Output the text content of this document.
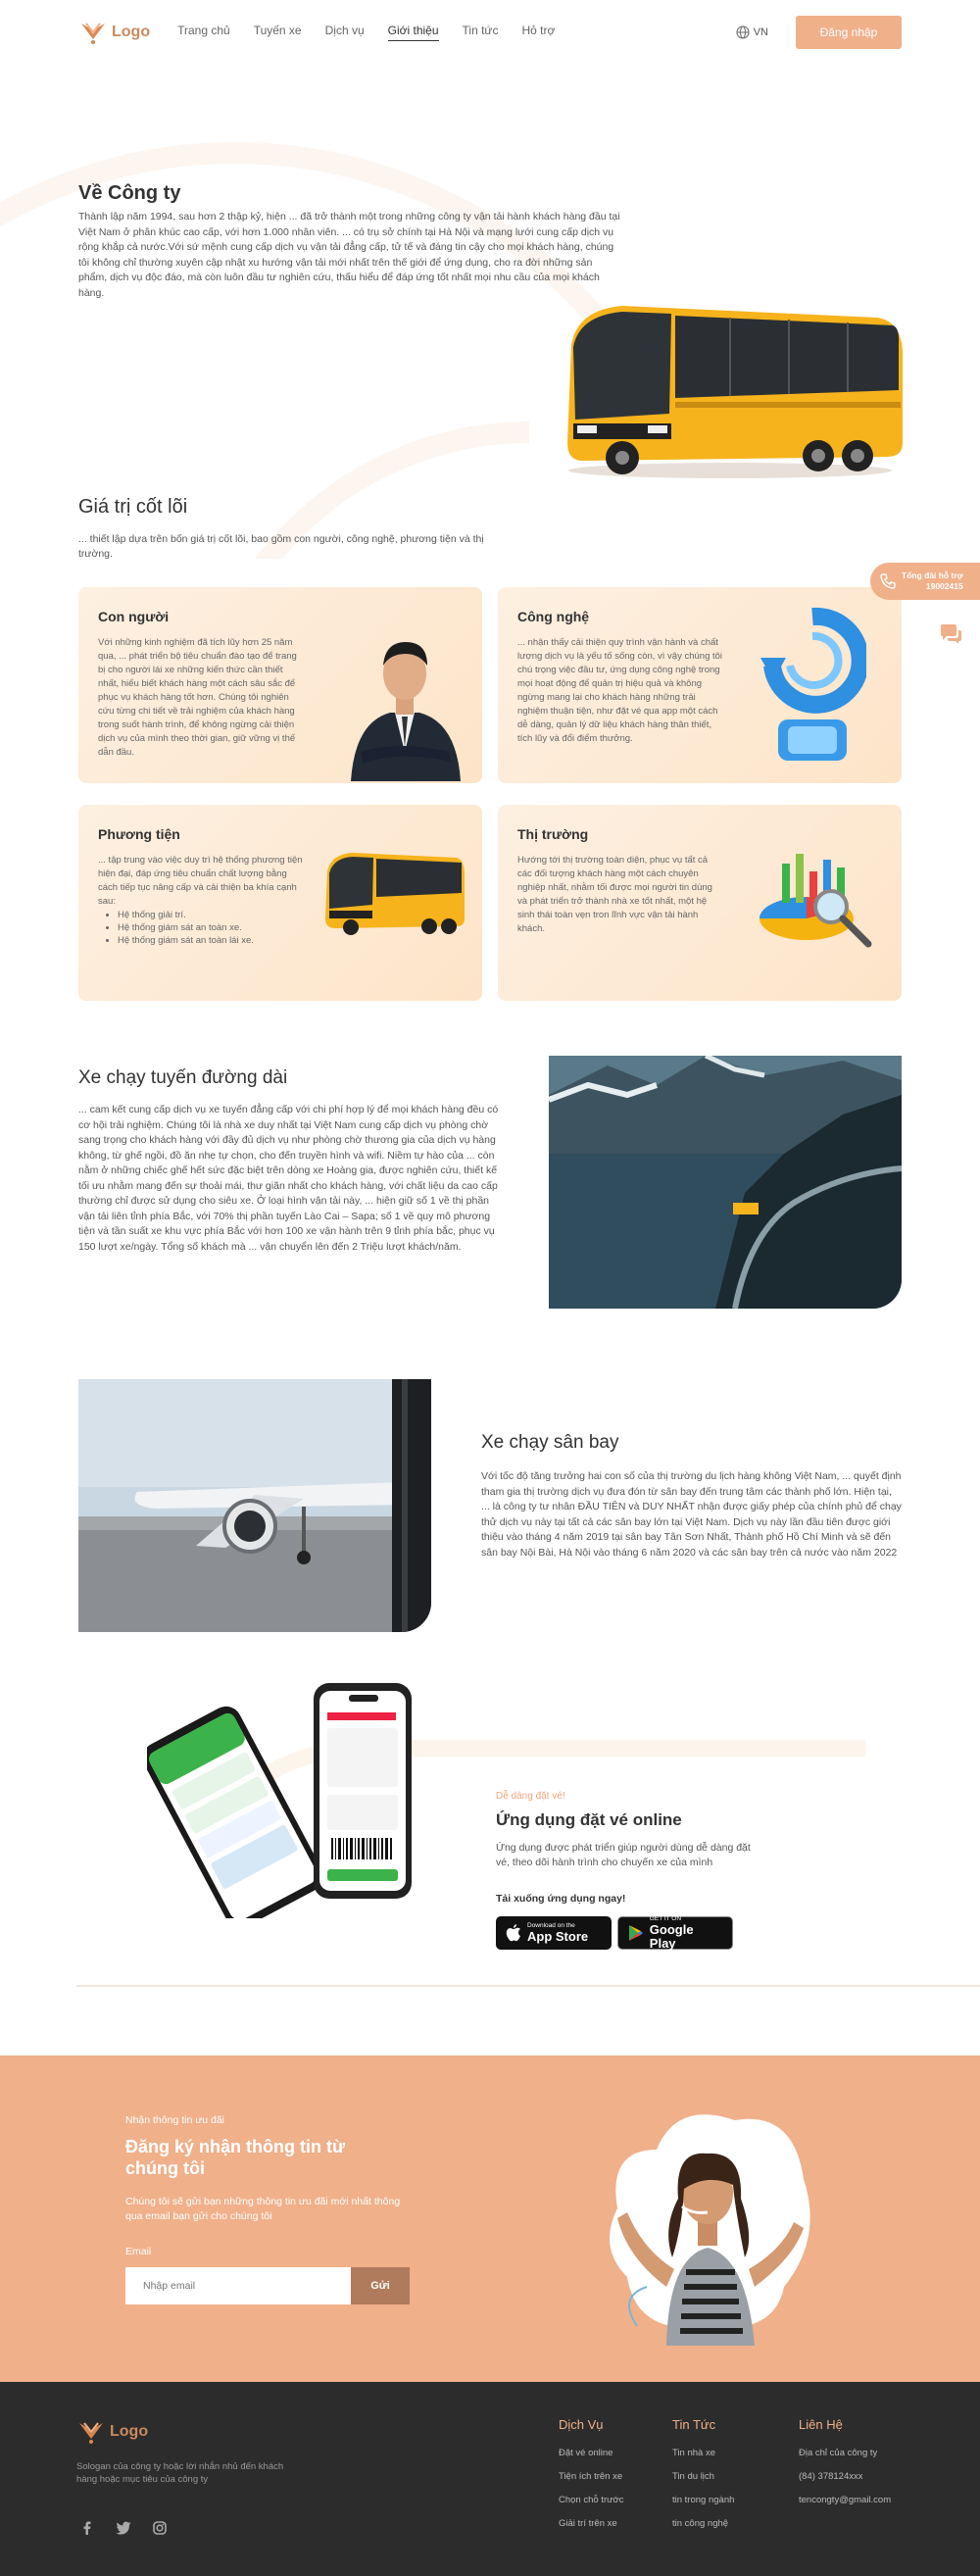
Logo Trang chủ Tuyến xe Dịch vụ Giới thiệu Tin tức Hỏ trợ	VN	Đăng nhập
Về Công ty

Thành lập năm 1994, sau hơn 2 thập kỷ, hiện ... đã trở thành một trong những công ty vận tải hành khách hàng đầu tại Việt Nam ở phân khúc cao cấp, với hơn 1.000 nhân viên. ... có trụ sở chính tại Hà Nội và mạng lưới cung cấp dịch vụ rộng khắp cả nước.Với sứ mệnh cung cấp dịch vụ vận tải đẳng cấp, tử tế và đáng tin cậy cho mọi khách hàng, chúng tôi không chỉ thường xuyên cập nhật xu hướng vận tải mới nhất trên thế giới để ứng dụng, cho ra đời những sản phẩm, dịch vụ độc đáo, mà còn luôn đầu tư nghiên cứu, thấu hiểu để đáp ứng tốt nhất mọi nhu cầu của mọi khách hàng.

Giá trị cốt lõi

... thiết lập dựa trên bốn giá trị cốt lõi, bao gồm con người, công nghệ, phương tiện và thị trường.

Con người

Với những kinh nghiệm đã tích lũy hơn 25 năm qua, ... phát triển bộ tiêu chuẩn đào tạo để trang bị cho người lái xe những kiến thức cần thiết nhất, hiểu biết khách hàng một cách sâu sắc để phục vụ khách hàng tốt hơn. Chúng tôi nghiên cứu từng chi tiết về trải nghiệm của khách hàng trong suốt hành trình, để không ngừng cải thiện dịch vụ của mình theo thời gian, giữ vững vị thế dẫn đầu.

Công nghệ

... nhận thấy cải thiện quy trình vận hành và chất lượng dịch vụ là yếu tố sống còn, vì vậy chúng tôi chú trọng việc đầu tư, ứng dụng công nghệ trong mọi hoạt động để quản trị hiệu quả và không ngừng mang lại cho khách hàng những trải nghiệm thuận tiện, như đặt vé qua app một cách dễ dàng, quản lý dữ liệu khách hàng thân thiết, tích lũy và đổi điểm thưởng.

Phương tiện

... tập trung vào việc duy trì hệ thống phương tiện hiện đại, đáp ứng tiêu chuẩn chất lượng bằng cách tiếp tục nâng cấp và cải thiện ba khía cạnh sau:

• Hệ thống giải trí.
• Hệ thống giám sát an toàn xe.
• Hệ thống giám sát an toàn lái xe.
Thị trường

Hướng tới thị trường toàn diện, phục vụ tất cả các đối tượng khách hàng một cách chuyên nghiệp nhất, nhằm tối được mọi người tin dùng và phát triển trở thành nhà xe tốt nhất, một hệ sinh thái toàn vẹn tron lĩnh vực vận tải hành khách.

Xe chạy tuyến đường dài

... cam kết cung cấp dịch vụ xe tuyến đẳng cấp với chi phí hợp lý để mọi khách hàng đều có cơ hội trải nghiệm. Chúng tôi là nhà xe duy nhất tại Việt Nam cung cấp dịch vụ phòng chờ sang trọng cho khách hàng với đầy đủ dịch vụ như phòng chờ thương gia của dịch vụ hàng không, từ ghế ngồi, đồ ăn nhẹ tự chọn, cho đến truyền hình và wifi. Niềm tự hào của ... còn nằm ở những chiếc ghế hết sức đặc biệt trên dòng xe Hoàng gia, được nghiên cứu, thiết kế tối ưu nhằm mang đến sự thoải mái, thư giãn nhất cho khách hàng, với chất liệu da cao cấp thường chỉ được sử dụng cho siêu xe. Ở loại hình vận tải này, ... hiện giữ số 1 về thị phần vận tải liên tỉnh phía Bắc, với 70% thị phần tuyến Lào Cai – Sapa; số 1 về quy mô phương tiện và tần suất xe khu vực phía Bắc với hơn 100 xe vận hành trên 9 tỉnh phía bắc, phục vụ 150 lượt xe/ngày. Tổng số khách mà ... vận chuyển lên đến 2 Triệu lượt khách/năm.

Xe chạy sân bay

Với tốc độ tăng trưởng hai con số của thị trường du lịch hàng không Việt Nam, ... quyết định tham gia thị trường dịch vụ đưa đón từ sân bay đến trung tâm các thành phố lớn. Hiện tại, ... là công ty tư nhân ĐẦU TIÊN và DUY NHẤT nhận được giấy phép của chính phủ để chạy thử dịch vụ này tại tất cả các sân bay lớn tại Việt Nam. Dịch vụ này lần đầu tiên được giới thiệu vào tháng 4 năm 2019 tại sân bay Tân Sơn Nhất, Thành phố Hồ Chí Minh và sẽ đến sân bay Nội Bài, Hà Nội vào tháng 6 năm 2020 và các sân bay trên cả nước vào năm 2022

Dễ dàng đặt vé!
Ứng dụng đặt vé online

Ứng dụng được phát triển giúp người dùng dễ dàng đặt vé, theo dõi hành trình cho chuyến xe của mình

Tải xuống ứng dụng ngay!
Download on the
App Store
GET IT ON
Google Play
Nhận thông tin ưu đãi
Đăng ký nhận thông tin từ chúng tôi

Chúng tôi sẽ gửi bạn những thông tin ưu đãi mới nhất thông qua email bạn gửi cho chúng tôi

Email
Nhập email
Gửi
Logo
Sologan của công ty hoặc lời nhắn nhủ đến khách hàng hoặc mục tiêu của công ty
Dịch Vụ
Đặt vé online
Tiện ích trên xe
Chọn chỗ trước
Giải trí trên xe
Tin Tức
Tin nhà xe
Tin du lịch
tin trong ngành
tin công nghệ
Liên Hệ
Địa chỉ của công ty
(84) 378124xxx
tencongty@gmail.com
Tổng đài hỗ trợ
19002415
